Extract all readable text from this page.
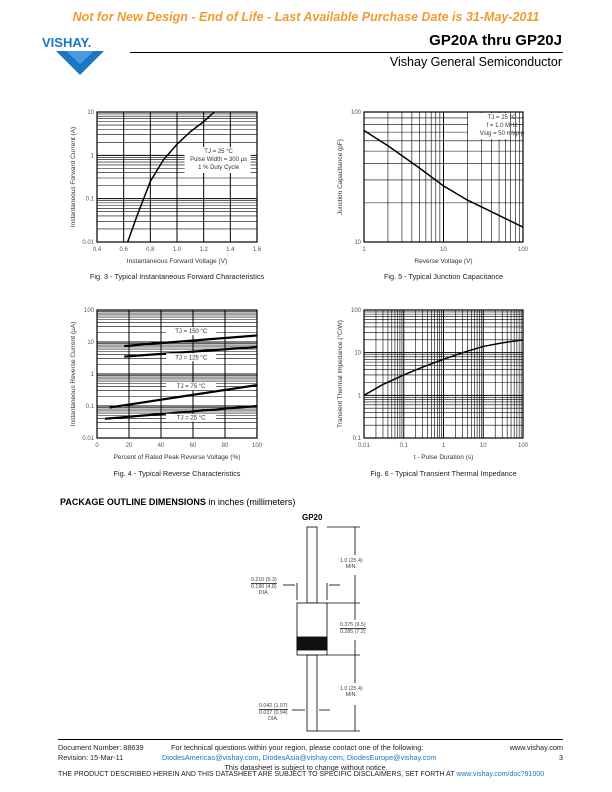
Not for New Design - End of Life - Last Available Purchase Date is 31-May-2011
VISHAY.	GP20A thru GP20J
Vishay General Semiconductor
0.4	0.6	0.8	1.0	1.2	1.4	1.6
0.01
0.1
1
10
Instantaneous Forward Voltage (V)
Instantaneous Forward Current (A)
Fig. 3 - Typical Instantaneous Forward Characteristics
TJ = 25 °C
Pulse Width = 300 µs
1 % Duty Cycle
1	10	100
10
100
Reverse Voltage (V)
Junction Capacitance (pF)
Fig. 5 - Typical Junction Capacitance
TJ = 25 °C
f = 1.0 MHz
Vsig = 50 mVp-p
0	20	40	60	80	100
0.01
0.1
1
10
100
Percent of Rated Peak Reverse Voltage (%)
Instantaneous Reverse Current (µA)
Fig. 4 - Typical Reverse Characteristics
TJ = 150 °C
TJ = 125 °C
TJ = 75 °C
TJ = 25 °C
0.01	0.1	1	10	100
0.1
1
10
100
t - Pulse Duration (s)
Transient Thermal Impedance (°C/W)
Fig. 6 - Typical Transient Thermal Impedance
PACKAGE OUTLINE DIMENSIONS in inches (millimeters)
GP20
1.0 (25.4)
MIN.
0.210 (5.3)
0.190 (4.8)
DIA.
0.375 (9.5)
0.285 (7.2)
1.0 (25.4)
MIN.
0.042 (1.07)
0.037 (0.94)
DIA.
Document Number: 88639
Revision: 15-Mar-11
For technical questions within your region, please contact one of the following:
DiodesAmericas@vishay.com, DiodesAsia@vishay.com, DiodesEurope@vishay.com
www.vishay.com
3
This datasheet is subject to change without notice.
THE PRODUCT DESCRIBED HEREIN AND THIS DATASHEET ARE SUBJECT TO SPECIFIC DISCLAIMERS, SET FORTH AT www.vishay.com/doc?91000
